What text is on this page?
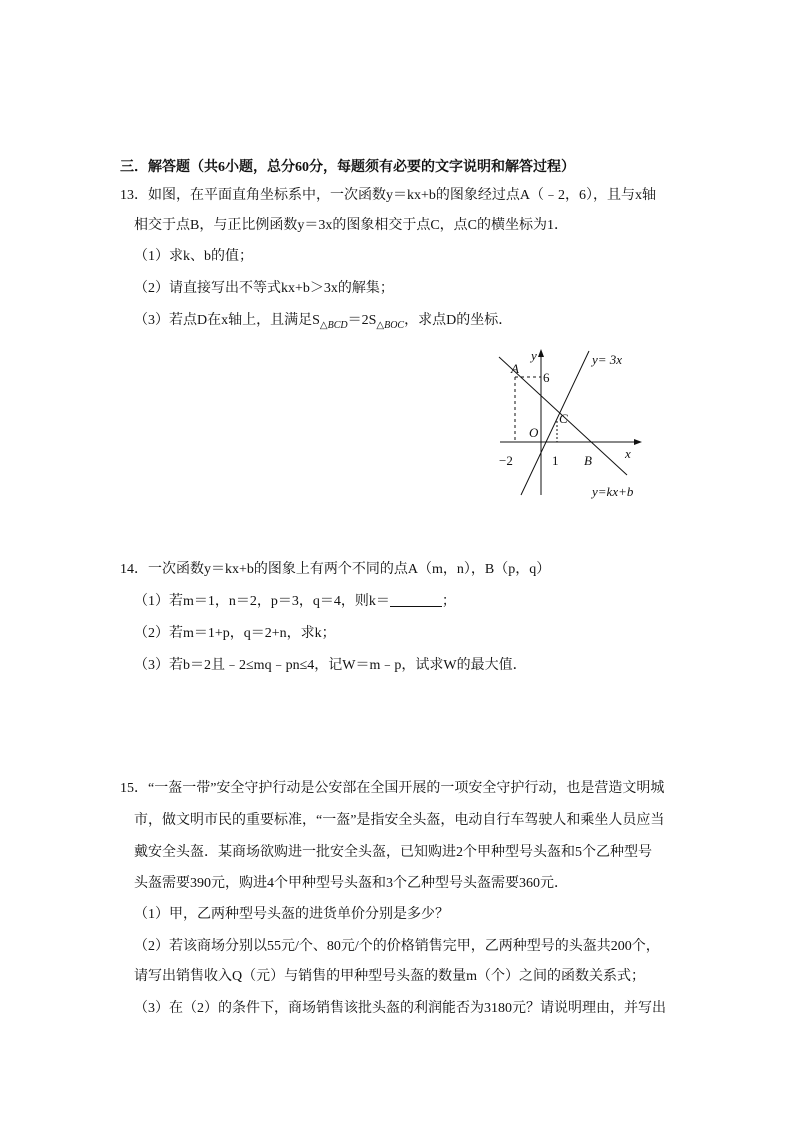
三．解答题（共6小题，总分60分，每题须有必要的文字说明和解答过程）
13．如图，在平面直角坐标系中，一次函数y＝kx+b的图象经过点A（﹣2，6），且与x轴
相交于点B，与正比例函数y＝3x的图象相交于点C，点C的横坐标为1．
（1）求k、b的值；
（2）请直接写出不等式kx+b＞3x的解集；
（3）若点D在x轴上，且满足$S_{\triangle BCD}=2S_{\triangle BOC}$，求点D的坐标．
y
x
A
6
C
O
−2	1 B
y= 3x
y=kx+b
14．一次函数y＝kx+b的图象上有两个不同的点A（m，n），B（p，q）
（1）若m＝1，n＝2，p＝3，q＝4，则k＝	；
（2）若m＝1+p，q＝2+n，求k；
（3）若b＝2且﹣2≤mq﹣pn≤4，记W＝m﹣p，试求W的最大值．
15．“一盔一带”安全守护行动是公安部在全国开展的一项安全守护行动，也是营造文明城
市，做文明市民的重要标准，“一盔”是指安全头盔，电动自行车驾驶人和乘坐人员应当
戴安全头盔．某商场欲购进一批安全头盔，已知购进2个甲种型号头盔和5个乙种型号
头盔需要390元，购进4个甲种型号头盔和3个乙种型号头盔需要360元．
（1）甲，乙两种型号头盔的进货单价分别是多少？
（2）若该商场分别以55元/个、80元/个的价格销售完甲，乙两种型号的头盔共200个，
请写出销售收入Q（元）与销售的甲种型号头盔的数量m（个）之间的函数关系式；
（3）在（2）的条件下，商场销售该批头盔的利润能否为3180元？请说明理由，并写出
